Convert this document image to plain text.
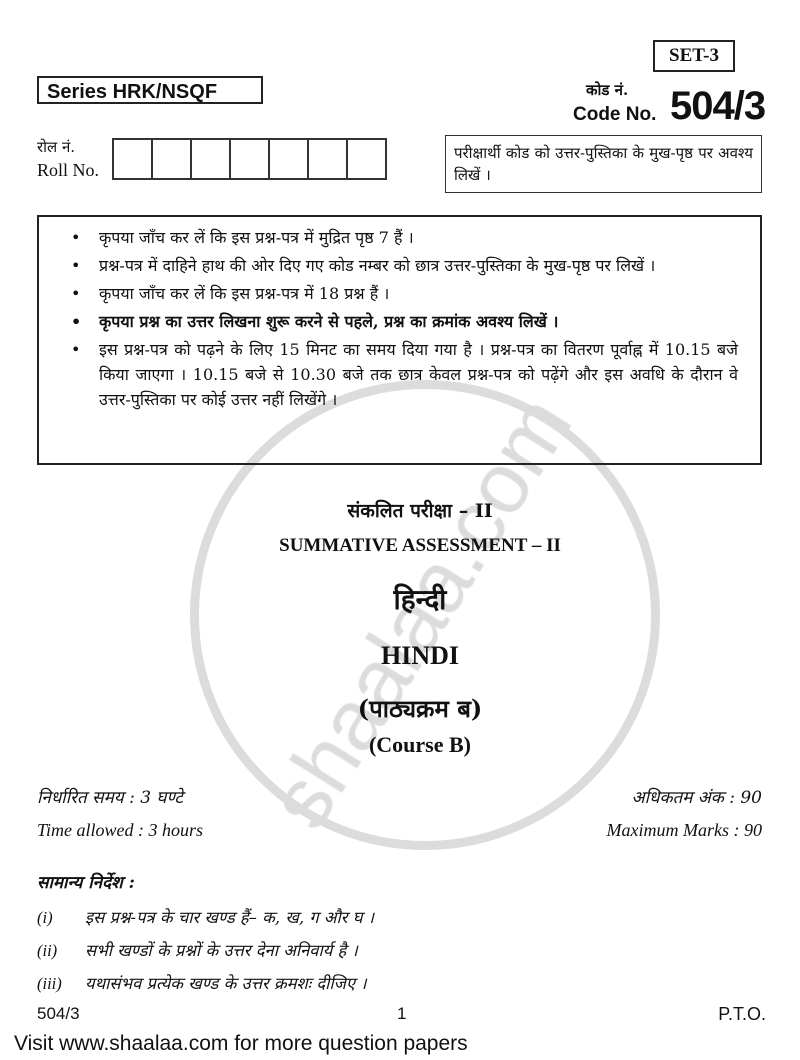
SET-3
Series HRK/NSQF	कोड नं.
Code No. 504/3
रोल नं.
Roll No.
परीक्षार्थी कोड को उत्तर-पुस्तिका के मुख-पृष्ठ पर अवश्य लिखें ।
• कृपया जाँच कर लें कि इस प्रश्न-पत्र में मुद्रित पृष्ठ 7 हैं ।
• प्रश्न-पत्र में दाहिने हाथ की ओर दिए गए कोड नम्बर को छात्र उत्तर-पुस्तिका के मुख-पृष्ठ पर लिखें ।
• कृपया जाँच कर लें कि इस प्रश्न-पत्र में 18 प्रश्न हैं ।
• कृपया प्रश्न का उत्तर लिखना शुरू करने से पहले, प्रश्न का क्रमांक अवश्य लिखें ।
• इस प्रश्न-पत्र को पढ़ने के लिए 15 मिनट का समय दिया गया है । प्रश्न-पत्र का वितरण पूर्वाह्न में 10.15 बजे किया जाएगा । 10.15 बजे से 10.30 बजे तक छात्र केवल प्रश्न-पत्र को पढ़ेंगे और इस अवधि के दौरान वे उत्तर-पुस्तिका पर कोई उत्तर नहीं लिखेंगे ।
संकलित परीक्षा – II
SUMMATIVE ASSESSMENT – II
हिन्दी
HINDI
(पाठ्यक्रम ब)
(Course B)
निर्धारित समय : 3 घण्टे	अधिकतम अंक : 90
Time allowed : 3 hours	Maximum Marks : 90
सामान्य निर्देश :
(i) इस प्रश्न-पत्र के चार खण्ड हैं– क, ख, ग और घ ।
(ii) सभी खण्डों के प्रश्नों के उत्तर देना अनिवार्य है ।
(iii) यथासंभव प्रत्येक खण्ड के उत्तर क्रमशः दीजिए ।
504/3	1	P.T.O.
Visit www.shaalaa.com for more question papers
